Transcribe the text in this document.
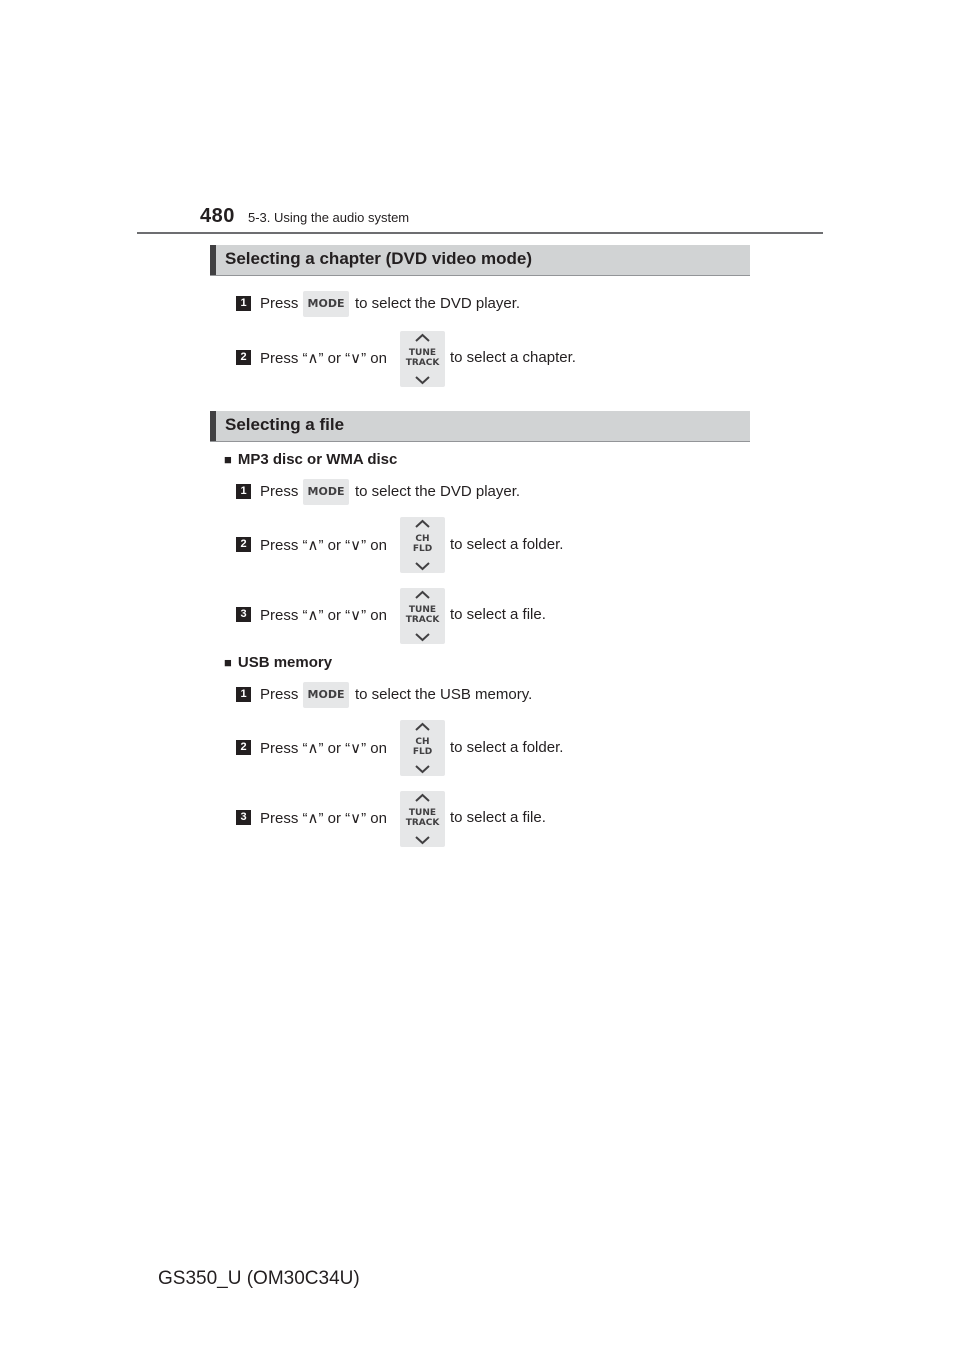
480 5-3. Using the audio system
Selecting a chapter (DVD video mode)
1 Press MODE to select the DVD player.
2 Press “∧” or “∨” on	TUNE
TRACK to select a chapter.
Selecting a file
■ MP3 disc or WMA disc
1 Press MODE to select the DVD player.
2 Press “∧” or “∨” on	CH
FLD	to select a folder.
3 Press “∧” or “∨” on	TUNE
TRACK to select a file.
■ USB memory
1 Press MODE to select the USB memory.
2 Press “∧” or “∨” on	CH
FLD	to select a folder.
3 Press “∧” or “∨” on	TUNE
TRACK to select a file.
GS350_U (OM30C34U)
